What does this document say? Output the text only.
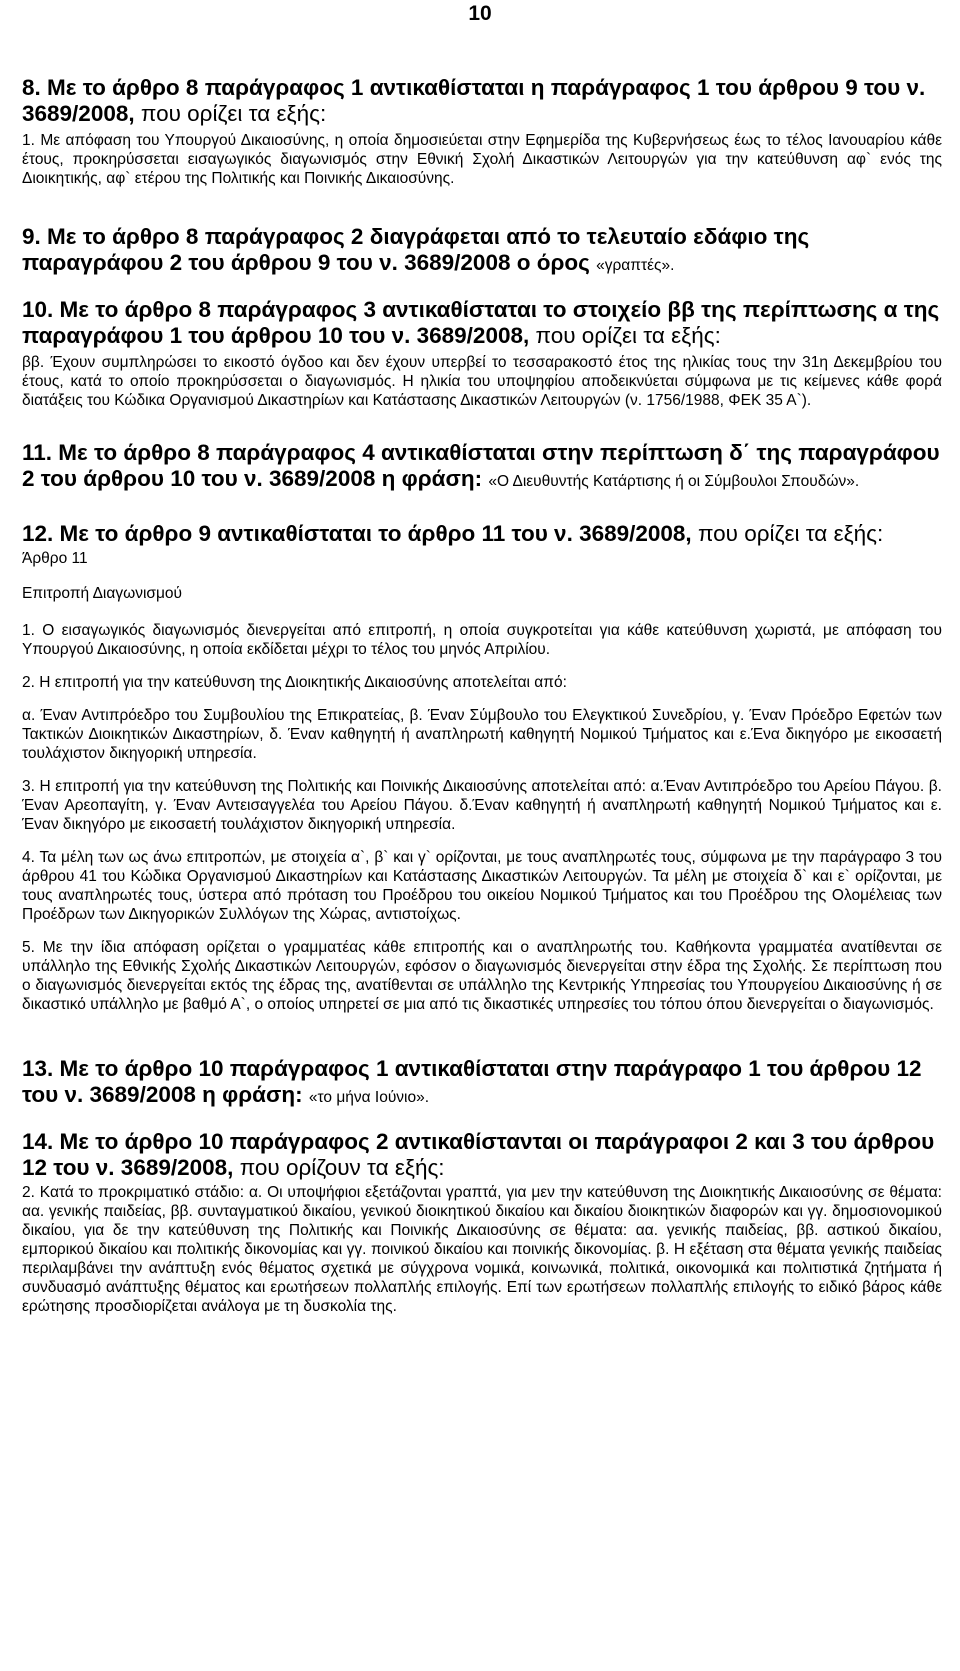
10

8. Με το άρθρο 8 παράγραφος 1 αντικαθίσταται η παράγραφος 1 του άρθρου 9 του ν. 3689/2008, που ορίζει τα εξής:

1. Με απόφαση του Υπουργού Δικαιοσύνης, η οποία δημοσιεύεται στην Εφημερίδα της Κυβερνήσεως έως το τέλος Ιανουαρίου κάθε έτους, προκηρύσσεται εισαγωγικός διαγωνισμός στην Εθνική Σχολή Δικαστικών Λειτουργών για την κατεύθυνση αφ` ενός της Διοικητικής, αφ` ετέρου της Πολιτικής και Ποινικής Δικαιοσύνης.

9. Με το άρθρο 8 παράγραφος 2 διαγράφεται από το τελευταίο εδάφιο της παραγράφου 2 του άρθρου 9 του ν. 3689/2008 ο όρος «γραπτές».

10. Με το άρθρο 8 παράγραφος 3 αντικαθίσταται το στοιχείο ββ της περίπτωσης α της παραγράφου 1 του άρθρου 10 του ν. 3689/2008, που ορίζει τα εξής:

ββ. Έχουν συμπληρώσει το εικοστό όγδοο και δεν έχουν υπερβεί το τεσσαρακοστό έτος της ηλικίας τους την 31η Δεκεμβρίου του έτους, κατά το οποίο προκηρύσσεται ο διαγωνισμός. Η ηλικία του υποψηφίου αποδεικνύεται σύμφωνα με τις κείμενες κάθε φορά διατάξεις του Κώδικα Οργανισμού Δικαστηρίων και Κατάστασης Δικαστικών Λειτουργών (ν. 1756/1988, ΦΕΚ 35 Α`).

11. Με το άρθρο 8 παράγραφος 4 αντικαθίσταται στην περίπτωση δ΄ της παραγράφου 2 του άρθρου 10 του ν. 3689/2008 η φράση: «Ο Διευθυντής Κατάρτισης ή οι Σύμβουλοι Σπουδών».

12. Με το άρθρο 9 αντικαθίσταται το άρθρο 11 του ν. 3689/2008, που ορίζει τα εξής:

Άρθρο 11

Επιτροπή Διαγωνισμού

1. Ο εισαγωγικός διαγωνισμός διενεργείται από επιτροπή, η οποία συγκροτείται για κάθε κατεύθυνση χωριστά, με απόφαση του Υπουργού Δικαιοσύνης, η οποία εκδίδεται μέχρι το τέλος του μηνός Απριλίου.

2. Η επιτροπή για την κατεύθυνση της Διοικητικής Δικαιοσύνης αποτελείται από:

α. Έναν Αντιπρόεδρο του Συμβουλίου της Επικρατείας, β. Έναν Σύμβουλο του Ελεγκτικού Συνεδρίου, γ. Έναν Πρόεδρο Εφετών των Τακτικών Διοικητικών Δικαστηρίων, δ. Έναν καθηγητή ή αναπληρωτή καθηγητή Νομικού Τμήματος και ε.Ένα δικηγόρο με εικοσαετή τουλάχιστον δικηγορική υπηρεσία.

3. Η επιτροπή για την κατεύθυνση της Πολιτικής και Ποινικής Δικαιοσύνης αποτελείται από: α.Έναν Αντιπρόεδρο του Αρείου Πάγου. β. Έναν Αρεοπαγίτη, γ. Έναν Αντεισαγγελέα του Αρείου Πάγου. δ.Έναν καθηγητή ή αναπληρωτή καθηγητή Νομικού Τμήματος και ε. Έναν δικηγόρο με εικοσαετή τουλάχιστον δικηγορική υπηρεσία.

4. Τα μέλη των ως άνω επιτροπών, με στοιχεία α`, β` και γ` ορίζονται, με τους αναπληρωτές τους, σύμφωνα με την παράγραφο 3 του άρθρου 41 του Κώδικα Οργανισμού Δικαστηρίων και Κατάστασης Δικαστικών Λειτουργών. Τα μέλη με στοιχεία δ` και ε` ορίζονται, με τους αναπληρωτές τους, ύστερα από πρόταση του Προέδρου του οικείου Νομικού Τμήματος και του Προέδρου της Ολομέλειας των Προέδρων των Δικηγορικών Συλλόγων της Χώρας, αντιστοίχως.

5. Με την ίδια απόφαση ορίζεται ο γραμματέας κάθε επιτροπής και ο αναπληρωτής του. Καθήκοντα γραμματέα ανατίθενται σε υπάλληλο της Εθνικής Σχολής Δικαστικών Λειτουργών, εφόσον ο διαγωνισμός διενεργείται στην έδρα της Σχολής. Σε περίπτωση που ο διαγωνισμός διενεργείται εκτός της έδρας της, ανατίθενται σε υπάλληλο της Κεντρικής Υπηρεσίας του Υπουργείου Δικαιοσύνης ή σε δικαστικό υπάλληλο με βαθμό Α`, ο οποίος υπηρετεί σε μια από τις δικαστικές υπηρεσίες του τόπου όπου διενεργείται ο διαγωνισμός.

13. Με το άρθρο 10 παράγραφος 1 αντικαθίσταται στην παράγραφο 1 του άρθρου 12 του ν. 3689/2008 η φράση: «το μήνα Ιούνιο».

14. Με το άρθρο 10 παράγραφος 2 αντικαθίστανται οι παράγραφοι 2 και 3 του άρθρου 12 του ν. 3689/2008, που ορίζουν τα εξής:

2. Κατά το προκριματικό στάδιο: α. Οι υποψήφιοι εξετάζονται γραπτά, για μεν την κατεύθυνση της Διοικητικής Δικαιοσύνης σε θέματα: αα. γενικής παιδείας, ββ. συνταγματικού δικαίου, γενικού διοικητικού δικαίου και δικαίου διοικητικών διαφορών και γγ. δημοσιονομικού δικαίου, για δε την κατεύθυνση της Πολιτικής και Ποινικής Δικαιοσύνης σε θέματα: αα. γενικής παιδείας, ββ. αστικού δικαίου, εμπορικού δικαίου και πολιτικής δικονομίας και γγ. ποινικού δικαίου και ποινικής δικονομίας. β. Η εξέταση στα θέματα γενικής παιδείας περιλαμβάνει την ανάπτυξη ενός θέματος σχετικά με σύγχρονα νομικά, κοινωνικά, πολιτικά, οικονομικά και πολιτιστικά ζητήματα ή συνδυασμό ανάπτυξης θέματος και ερωτήσεων πολλαπλής επιλογής. Επί των ερωτήσεων πολλαπλής επιλογής το ειδικό βάρος κάθε ερώτησης προσδιορίζεται ανάλογα με τη δυσκολία της.
